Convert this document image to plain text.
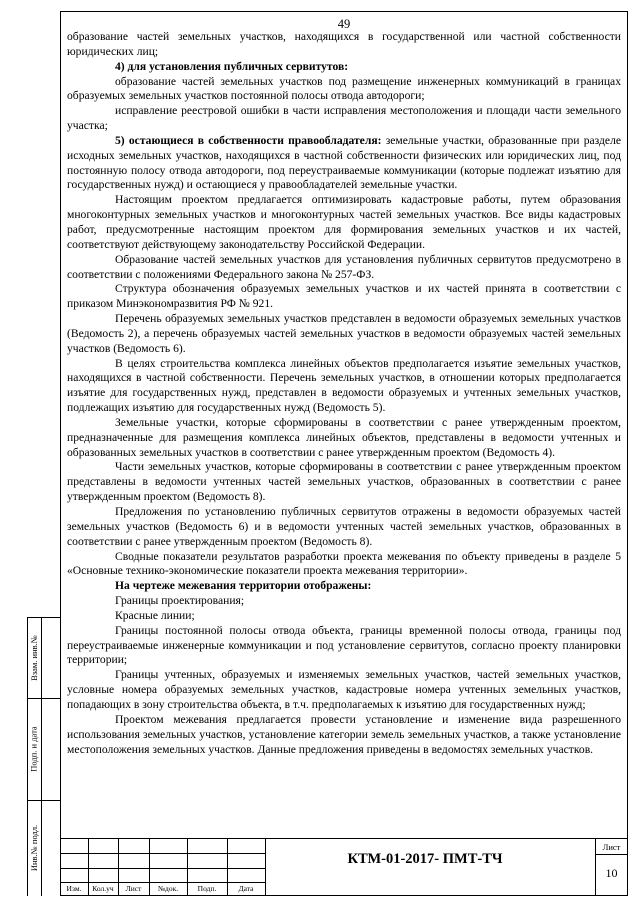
49

образование частей земельных участков, находящихся в государственной или частной собственности юридических лиц;

4) для установления публичных сервитутов:

образование частей земельных участков под размещение инженерных коммуникаций в границах образуемых земельных участков постоянной полосы отвода автодороги;

исправление реестровой ошибки в части исправления местоположения и площади части земельного участка;

5) остающиеся в собственности правообладателя: земельные участки, образованные при разделе исходных земельных участков, находящихся в частной собственности физических или юридических лиц, под постоянную полосу отвода автодороги, под переустраиваемые коммуникации (которые подлежат изъятию для государственных нужд) и остающиеся у правообладателей земельные участки.

Настоящим проектом предлагается оптимизировать кадастровые работы, путем образования многоконтурных земельных участков и многоконтурных частей земельных участков. Все виды кадастровых работ, предусмотренные настоящим проектом для формирования земельных участков и их частей, соответствуют действующему законодательству Российской Федерации.

Образование частей земельных участков для установления публичных сервитутов предусмотрено в соответствии с положениями Федерального закона № 257-ФЗ.

Структура обозначения образуемых земельных участков и их частей принята в соответствии с приказом Минэкономразвития РФ № 921.

Перечень образуемых земельных участков представлен в ведомости образуемых земельных участков (Ведомость 2), а перечень образуемых частей земельных участков в ведомости образуемых частей земельных участков (Ведомость 6).

В целях строительства комплекса линейных объектов предполагается изъятие земельных участков, находящихся в частной собственности. Перечень земельных участков, в отношении которых предполагается изъятие для государственных нужд, представлен в ведомости образуемых и учтенных земельных участков, подлежащих изъятию для государственных нужд (Ведомость 5).

Земельные участки, которые сформированы в соответствии с ранее утвержденным проектом, предназначенные для размещения комплекса линейных объектов, представлены в ведомости учтенных и образованных земельных участков в соответствии с ранее утвержденным проектом (Ведомость 4).

Части земельных участков, которые сформированы в соответствии с ранее утвержденным проектом представлены в ведомости учтенных частей земельных участков, образованных в соответствии с ранее утвержденным проектом (Ведомость 8).

Предложения по установлению публичных сервитутов отражены в ведомости образуемых частей земельных участков (Ведомость 6) и в ведомости учтенных частей земельных участков, образованных в соответствии с ранее утвержденным проектом (Ведомость 8).

Сводные показатели результатов разработки проекта межевания по объекту приведены в разделе 5 «Основные технико-экономические показатели проекта межевания территории».

На чертеже межевания территории отображены:

Границы проектирования;

Красные линии;

Границы постоянной полосы отвода объекта, границы временной полосы отвода, границы под переустраиваемые инженерные коммуникации и под установление сервитутов, согласно проекту планировки территории;

Границы учтенных, образуемых и изменяемых земельных участков, частей земельных участков, условные номера образуемых земельных участков, кадастровые номера учтенных земельных участков, попадающих в зону строительства объекта, в т.ч. предполагаемых к изъятию для государственных нужд;

Проектом межевания предлагается провести установление и изменение вида разрешенного использования земельных участков, установление категории земель земельных участков, а также установление местоположения земельных участков. Данные предложения приведены в ведомостях земельных участков.

Взам. инв.№
Подп. и дата
Инв.№ подл.
Изм.	Кол.уч	Лист	№док.	Подп.	Дата
КТМ-01-2017- ПМТ-ТЧ
Лист
10
